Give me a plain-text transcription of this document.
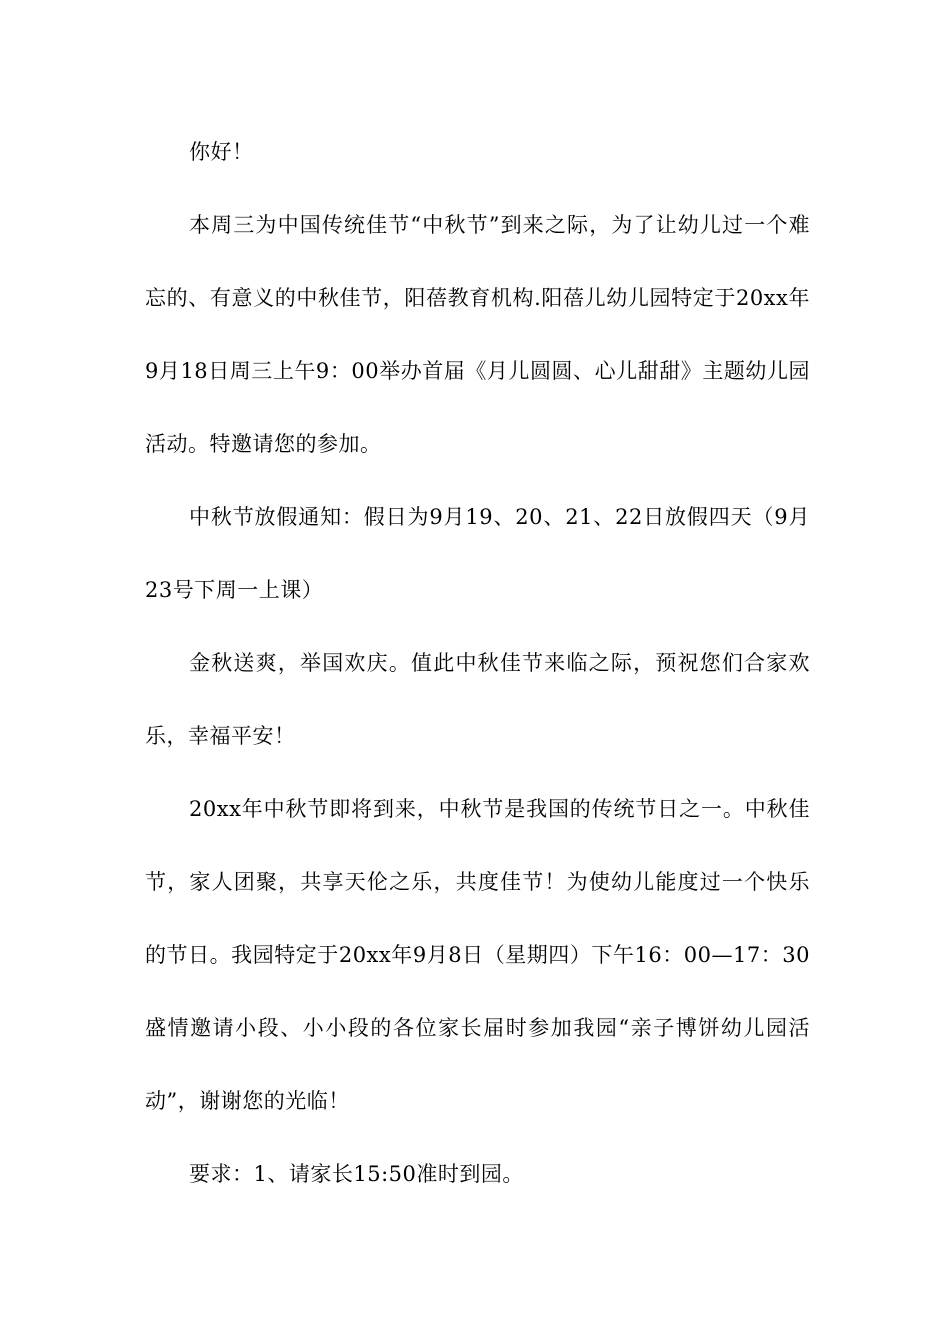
你好！

本周三为中国传统佳节“中秋节”到来之际，为了让幼儿过一个难忘的、有意义的中秋佳节，阳蓓教育机构.阳蓓儿幼儿园特定于20xx年9月18日周三上午9：00举办首届《月儿圆圆、心儿甜甜》主题幼儿园活动。特邀请您的参加。

中秋节放假通知：假日为9月19、20、21、22日放假四天（9月23号下周一上课）

金秋送爽，举国欢庆。值此中秋佳节来临之际，预祝您们合家欢乐，幸福平安！

20xx年中秋节即将到来，中秋节是我国的传统节日之一。中秋佳节，家人团聚，共享天伦之乐，共度佳节！为使幼儿能度过一个快乐的节日。我园特定于20xx年9月8日（星期四）下午16：00—17：30盛情邀请小段、小小段的各位家长届时参加我园“亲子博饼幼儿园活动”，谢谢您的光临！

要求：1、请家长15:50准时到园。
